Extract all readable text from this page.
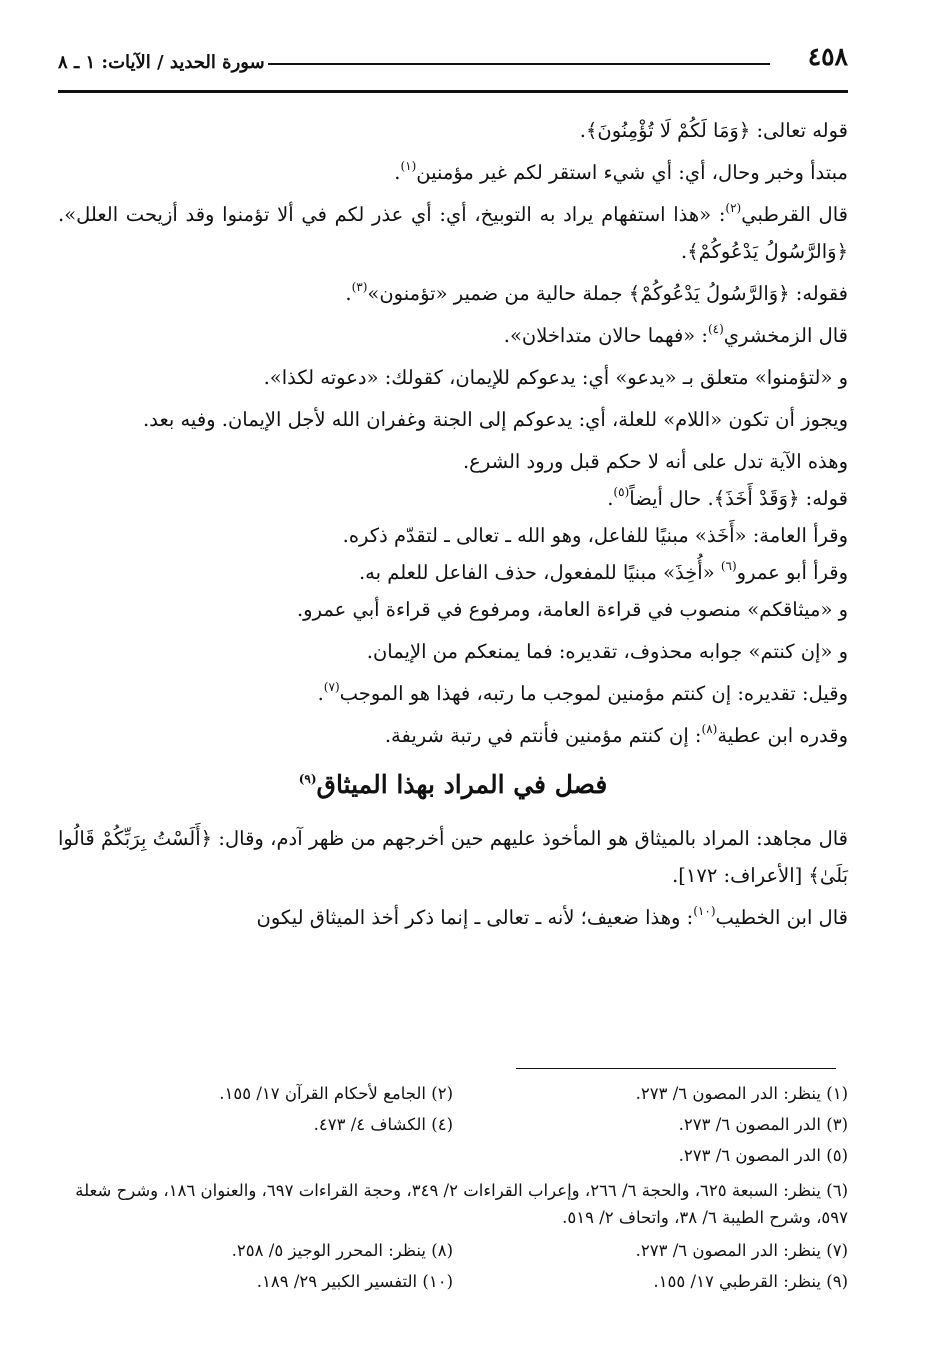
٤٥٨
سورة الحديد / الآيات: ١ ـ ٨

قوله تعالى: ﴿وَمَا لَكُمْ لَا تُؤْمِنُونَ﴾.

مبتدأ وخبر وحال، أي: أي شيء استقر لكم غير مؤمنين$^{(١)}$.

قال القرطبي$^{(٢)}$: «هذا استفهام يراد به التوبيخ، أي: أي عذر لكم في ألا تؤمنوا وقد أزيحت العلل». ﴿وَالرَّسُولُ يَدْعُوكُمْ﴾.

فقوله: ﴿وَالرَّسُولُ يَدْعُوكُمْ﴾ جملة حالية من ضمير «تؤمنون»$^{(٣)}$.

قال الزمخشري$^{(٤)}$: «فهما حالان متداخلان».

و «لتؤمنوا» متعلق بـ «يدعو» أي: يدعوكم للإيمان، كقولك: «دعوته لكذا».

ويجوز أن تكون «اللام» للعلة، أي: يدعوكم إلى الجنة وغفران الله لأجل الإيمان. وفيه بعد.

وهذه الآية تدل على أنه لا حكم قبل ورود الشرع.

قوله: ﴿وَقَدْ أَخَذَ﴾. حال أيضاً$^{(٥)}$.

وقرأ العامة: «أَخَذ» مبنيًا للفاعل، وهو الله ـ تعالى ـ لتقدّم ذكره.

وقرأ أبو عمرو$^{(٦)}$ «أُخِذَ» مبنيًا للمفعول، حذف الفاعل للعلم به.

و «ميثاقكم» منصوب في قراءة العامة، ومرفوع في قراءة أبي عمرو.

و «إن كنتم» جوابه محذوف، تقديره: فما يمنعكم من الإيمان.

وقيل: تقديره: إن كنتم مؤمنين لموجب ما رتبه، فهذا هو الموجب$^{(٧)}$.

وقدره ابن عطية$^{(٨)}$: إن كنتم مؤمنين فأنتم في رتبة شريفة.

فصل في المراد بهذا الميثاق$^{(٩)}$

قال مجاهد: المراد بالميثاق هو المأخوذ عليهم حين أخرجهم من ظهر آدم، وقال: ﴿أَلَسْتُ بِرَبِّكُمْ قَالُوا بَلَىٰ﴾ [الأعراف: ١٧٢].

قال ابن الخطيب$^{(١٠)}$: وهذا ضعيف؛ لأنه ـ تعالى ـ إنما ذكر أخذ الميثاق ليكون

(١) ينظر: الدر المصون ٦/ ٢٧٣.
(٢) الجامع لأحكام القرآن ١٧/ ١٥٥.
(٣) الدر المصون ٦/ ٢٧٣.
(٤) الكشاف ٤/ ٤٧٣.
(٥) الدر المصون ٦/ ٢٧٣.
(٦) ينظر: السبعة ٦٢٥، والحجة ٦/ ٢٦٦، وإعراب القراءات ٢/ ٣٤٩، وحجة القراءات ٦٩٧، والعنوان ١٨٦، وشرح شعلة ٥٩٧، وشرح الطيبة ٦/ ٣٨، واتحاف ٢/ ٥١٩.
(٧) ينظر: الدر المصون ٦/ ٢٧٣.
(٨) ينظر: المحرر الوجيز ٥/ ٢٥٨.
(٩) ينظر: القرطبي ١٧/ ١٥٥.
(١٠) التفسير الكبير ٢٩/ ١٨٩.
